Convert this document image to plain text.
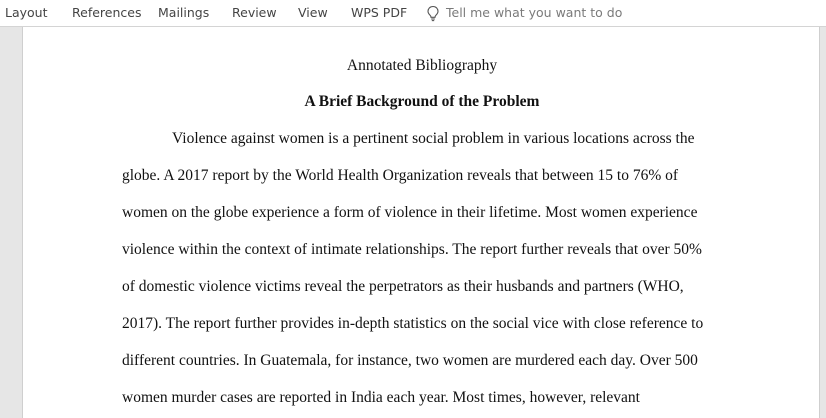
Layout References Mailings Review View WPS PDF	Tell me what you want to do
Annotated Bibliography
A Brief Background of the Problem
Violence against women is a pertinent social problem in various locations across the
globe. A 2017 report by the World Health Organization reveals that between 15 to 76% of
women on the globe experience a form of violence in their lifetime. Most women experience
violence within the context of intimate relationships. The report further reveals that over 50%
of domestic violence victims reveal the perpetrators as their husbands and partners (WHO,
2017). The report further provides in-depth statistics on the social vice with close reference to
different countries. In Guatemala, for instance, two women are murdered each day. Over 500
women murder cases are reported in India each year. Most times, however, relevant
